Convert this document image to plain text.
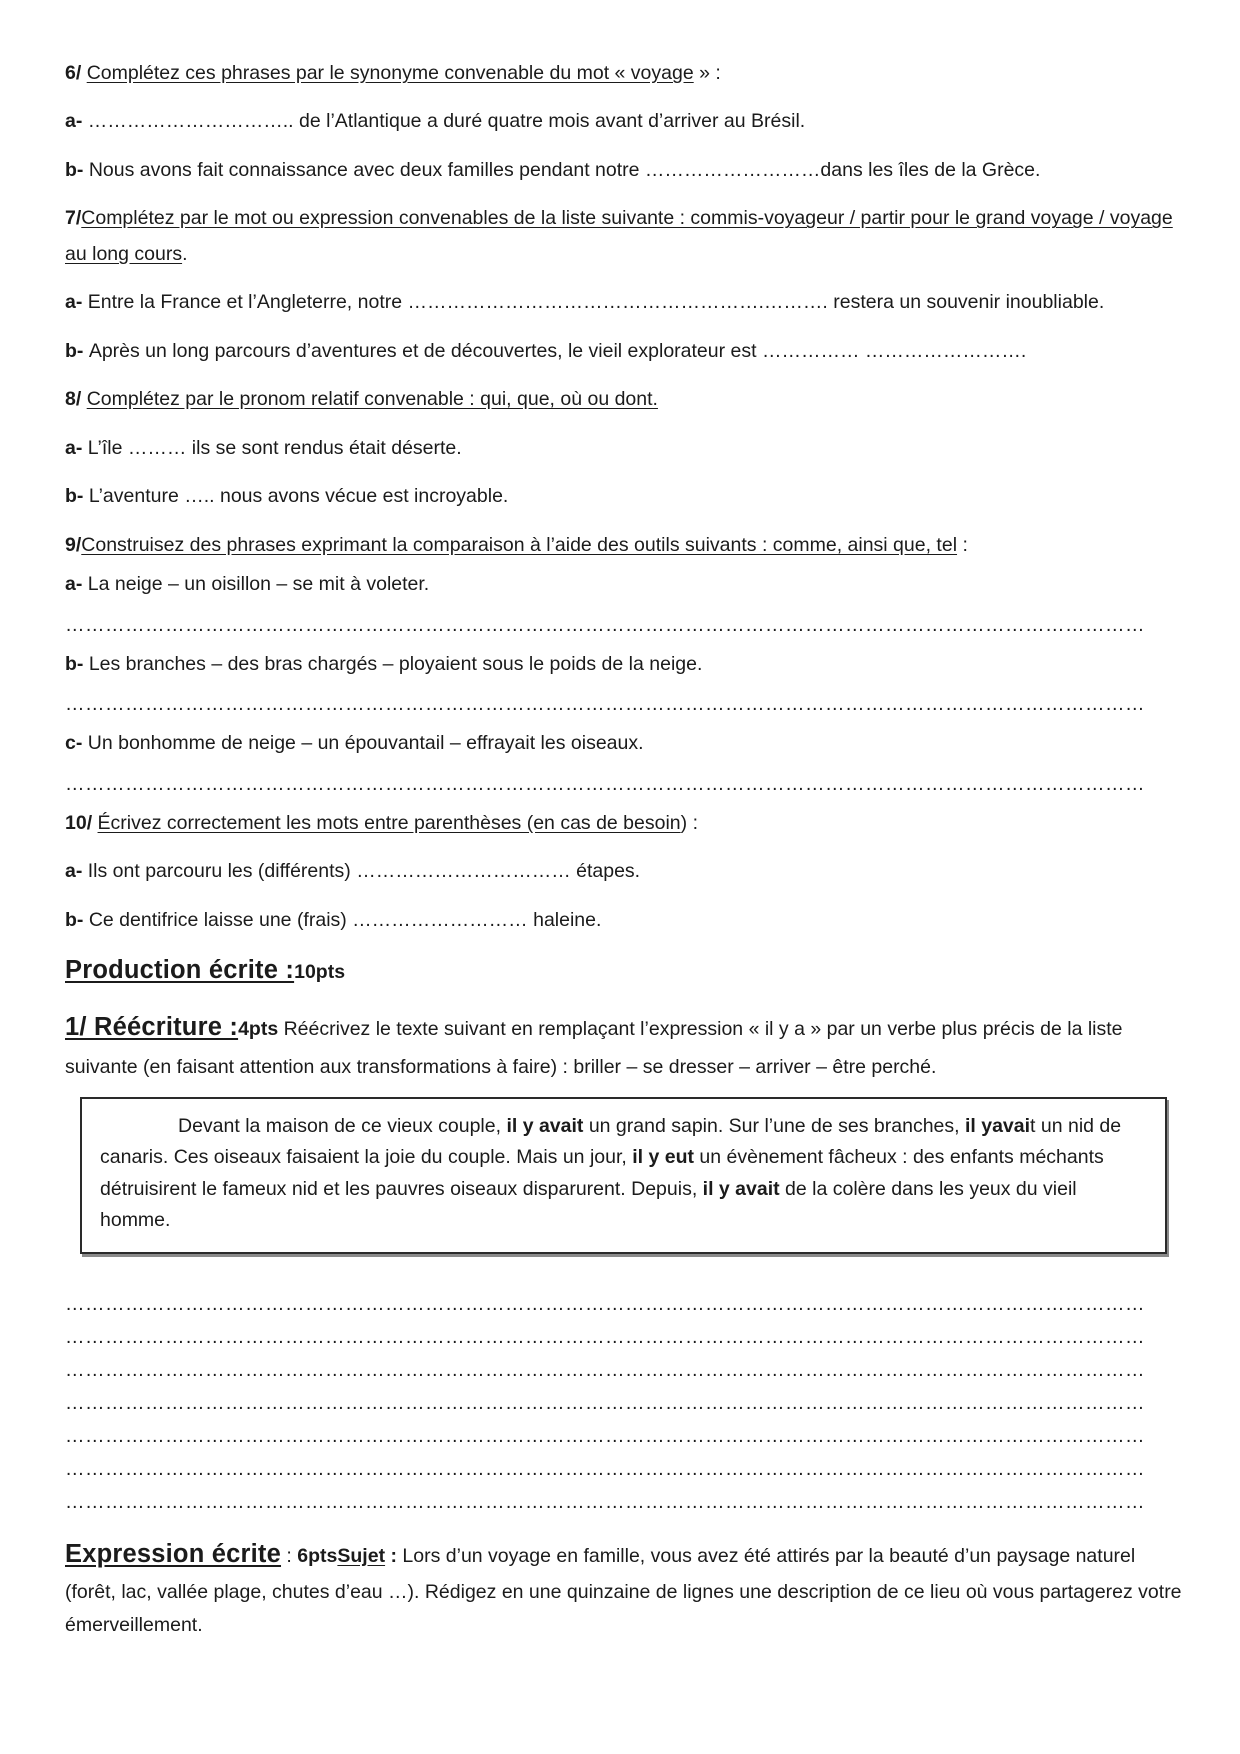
6/ Complétez ces phrases par le synonyme convenable du mot « voyage » :

a- ………………………….. de l’Atlantique a duré quatre mois avant d’arriver au Brésil.

b- Nous avons fait connaissance avec deux familles pendant notre ………………………dans les îles de la Grèce.

7/Complétez par le mot ou expression convenables de la liste suivante : commis-voyageur / partir pour le grand voyage / voyage au long cours.

a- Entre la France et l’Angleterre, notre ……………………………………………….………. restera un souvenir inoubliable.

b- Après un long parcours d’aventures et de découvertes, le vieil explorateur est …………… …………………….

8/ Complétez par le pronom relatif convenable : qui, que, où ou dont.

a- L’île ……… ils se sont rendus était déserte.

b- L’aventure ….. nous avons vécue est incroyable.

9/Construisez des phrases exprimant la comparaison à l’aide des outils suivants : comme, ainsi que, tel :

a- La neige – un oisillon – se mit à voleter.

………………………………………………………………………………………………………………………………………………

b- Les branches – des bras chargés – ployaient sous le poids de la neige.

………………………………………………………………………………………………………………………………………………

c- Un bonhomme de neige – un épouvantail – effrayait les oiseaux.

………………………………………………………………………………………………………………………………………………

10/ Écrivez correctement les mots entre parenthèses (en cas de besoin) :

a- Ils ont parcouru les (différents) …………………………… étapes.

b- Ce dentifrice laisse une (frais) ……………………… haleine.

Production écrite :10pts

1/ Réécriture :4pts Réécrivez le texte suivant en remplaçant l’expression « il y a » par un verbe plus précis de la liste suivante (en faisant attention aux transformations à faire) : briller – se dresser – arriver – être perché.

Devant la maison de ce vieux couple, il y avait un grand sapin. Sur l’une de ses branches, il yavait un nid de canaris. Ces oiseaux faisaient la joie du couple. Mais un jour, il y eut un évènement fâcheux : des enfants méchants détruisirent le fameux nid et les pauvres oiseaux disparurent. Depuis, il y avait de la colère dans les yeux du vieil homme.

………………………………………………………………………………………………………………………………………………

………………………………………………………………………………………………………………………………………………

………………………………………………………………………………………………………………………………………………

………………………………………………………………………………………………………………………………………………

………………………………………………………………………………………………………………………………………………

………………………………………………………………………………………………………………………………………………

………………………………………………………………………………………………………………………………………………

Expression écrite : 6ptsSujet : Lors d’un voyage en famille, vous avez été attirés par la beauté d’un paysage naturel (forêt, lac, vallée plage, chutes d’eau …). Rédigez en une quinzaine de lignes une description de ce lieu où vous partagerez votre émerveillement.
